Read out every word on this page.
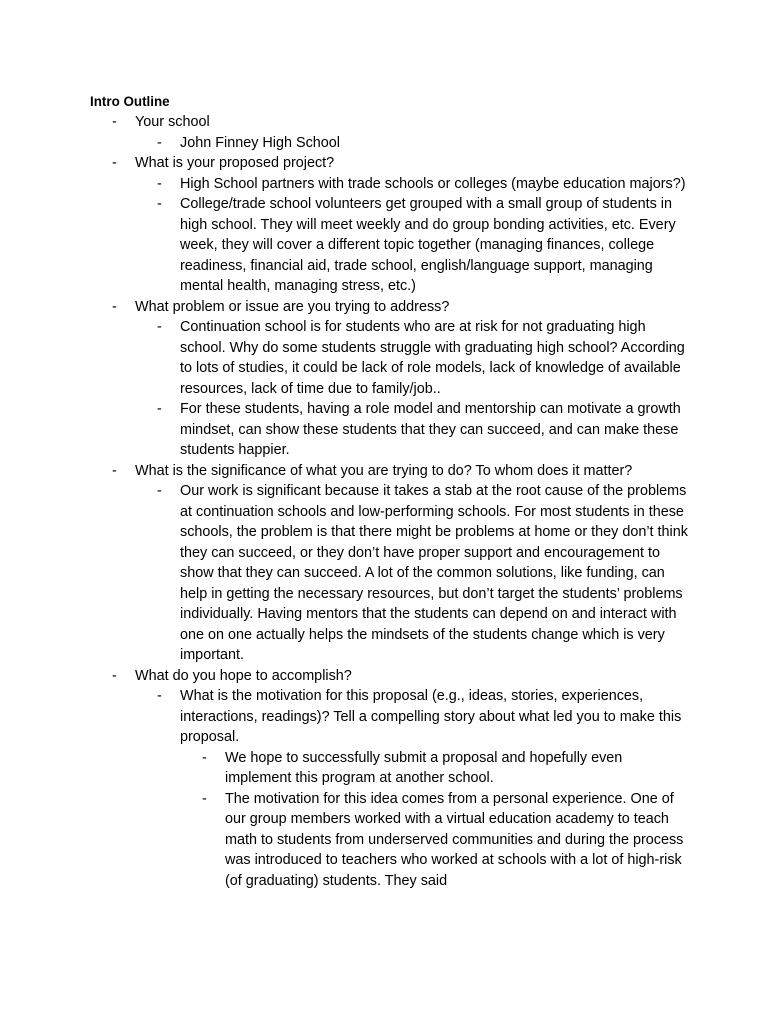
Intro Outline
- Your school
- John Finney High School
- What is your proposed project?
- High School partners with trade schools or colleges (maybe education majors?)
- College/trade school volunteers get grouped with a small group of students in high school. They will meet weekly and do group bonding activities, etc. Every week, they will cover a different topic together (managing finances, college readiness, financial aid, trade school, english/language support, managing mental health, managing stress, etc.)
- What problem or issue are you trying to address?
- Continuation school is for students who are at risk for not graduating high school. Why do some students struggle with graduating high school? According to lots of studies, it could be lack of role models, lack of knowledge of available resources, lack of time due to family/job..
- For these students, having a role model and mentorship can motivate a growth mindset, can show these students that they can succeed, and can make these students happier.
- What is the significance of what you are trying to do? To whom does it matter?
- Our work is significant because it takes a stab at the root cause of the problems at continuation schools and low-performing schools. For most students in these schools, the problem is that there might be problems at home or they don’t think they can succeed, or they don’t have proper support and encouragement to show that they can succeed. A lot of the common solutions, like funding, can help in getting the necessary resources, but don’t target the students’ problems individually. Having mentors that the students can depend on and interact with one on one actually helps the mindsets of the students change which is very important.
- What do you hope to accomplish?
- What is the motivation for this proposal (e.g., ideas, stories, experiences, interactions, readings)? Tell a compelling story about what led you to make this proposal.
- We hope to successfully submit a proposal and hopefully even implement this program at another school.
- The motivation for this idea comes from a personal experience. One of our group members worked with a virtual education academy to teach math to students from underserved communities and during the process was introduced to teachers who worked at schools with a lot of high-risk (of graduating) students. They said
